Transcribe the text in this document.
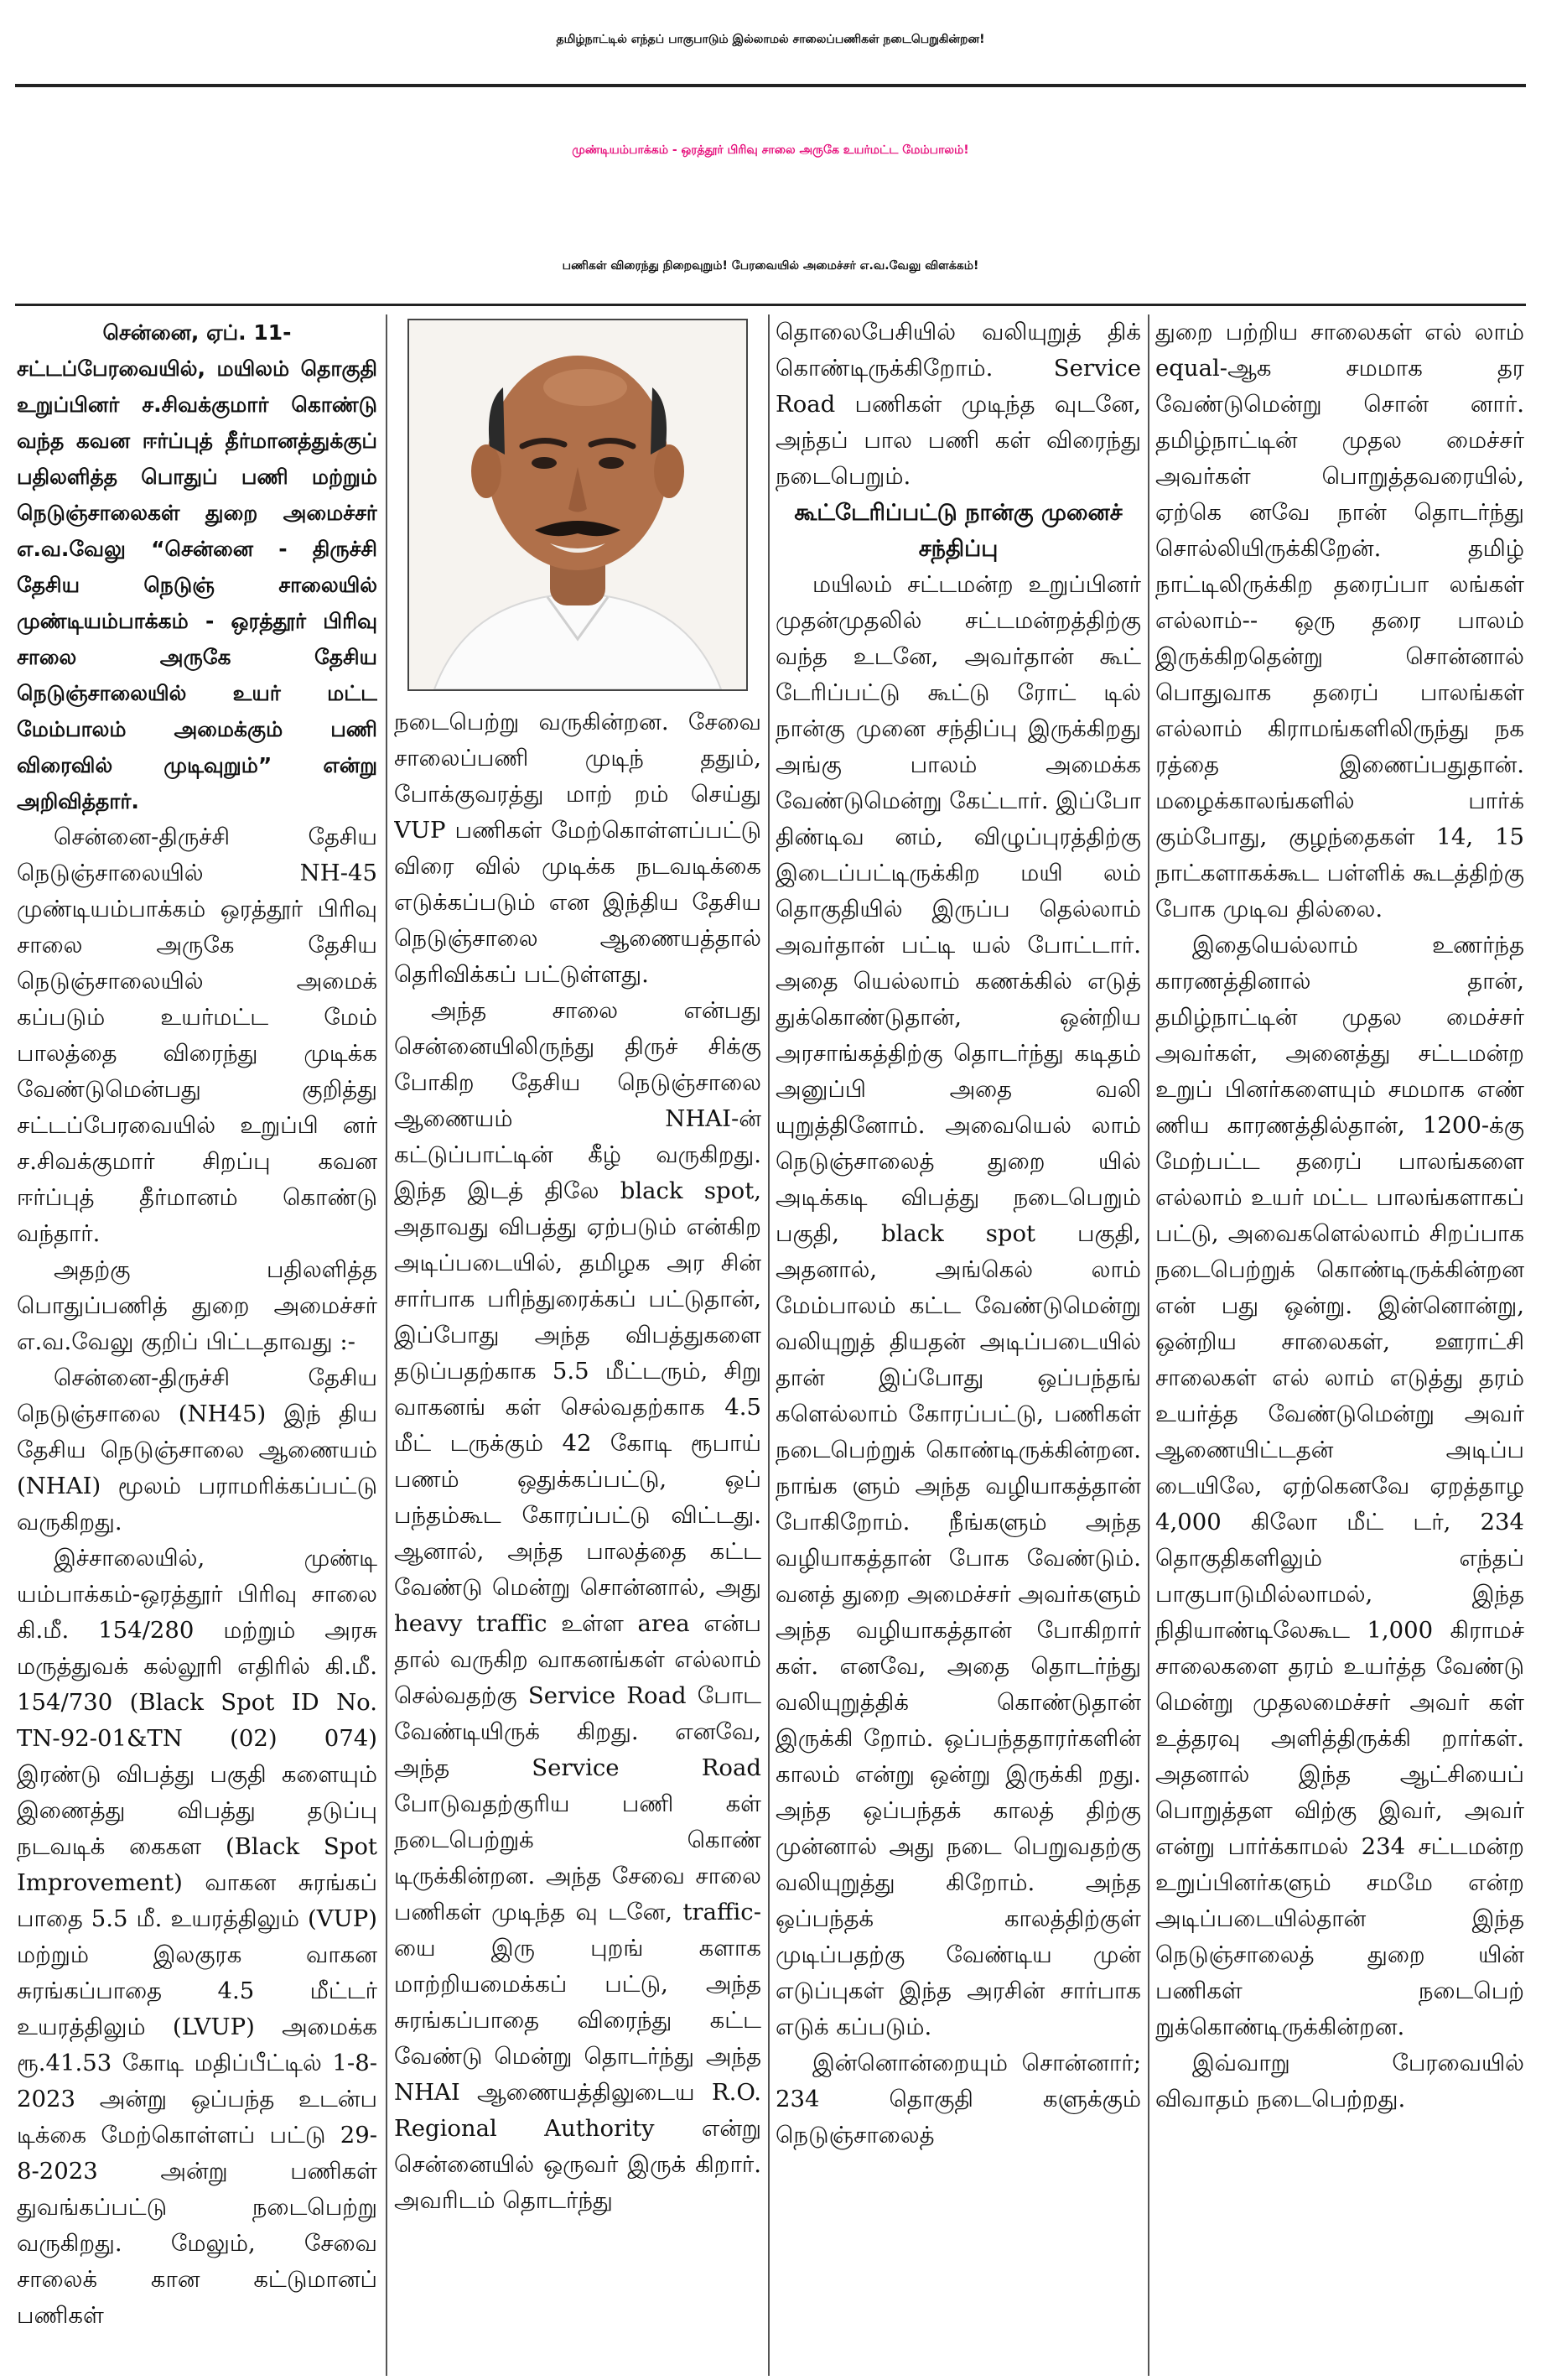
தமிழ்நாட்டில் எந்தப் பாகுபாடும் இல்லாமல் சாலைப்பணிகள் நடைபெறுகின்றன!
முண்டியம்பாக்கம் - ஒரத்தூர் பிரிவு சாலை அருகே உயர்மட்ட மேம்பாலம்!
பணிகள் விரைந்து நிறைவுறும்! பேரவையில் அமைச்சர் எ.வ.வேலு விளக்கம்!

சென்னை, ஏப். 11-

சட்டப்பேரவையில், மயிலம் தொகுதி உறுப்பினர் ச.சிவக்குமார் கொண்டு வந்த கவன ஈர்ப்புத் தீர்மானத்துக்குப் பதிலளித்த பொதுப் பணி மற்றும் நெடுஞ்சாலைகள் துறை அமைச்சர் எ.வ.வேலு “சென்னை - திருச்சி தேசிய நெடுஞ் சாலையில் முண்டியம்பாக்கம் - ஒரத்தூர் பிரிவு சாலை அருகே தேசிய நெடுஞ்சாலையில் உயர் மட்ட மேம்பாலம் அமைக்கும் பணி விரைவில் முடிவுறும்” என்று அறிவித்தார்.

சென்னை-திருச்சி தேசிய நெடுஞ்சாலையில் NH-45 முண்டியம்பாக்கம் ஒரத்தூர் பிரிவு சாலை அருகே தேசிய நெடுஞ்சாலையில் அமைக் கப்படும் உயர்மட்ட மேம் பாலத்தை விரைந்து முடிக்க வேண்டுமென்பது குறித்து சட்டப்பேரவையில் உறுப்பி னர் ச.சிவக்குமார் சிறப்பு கவன ஈர்ப்புத் தீர்மானம் கொண்டு வந்தார்.

அதற்கு பதிலளித்த பொதுப்பணித் துறை அமைச்சர் எ.வ.வேலு குறிப் பிட்டதாவது :-

சென்னை-திருச்சி தேசிய நெடுஞ்சாலை (NH45) இந் திய தேசிய நெடுஞ்சாலை ஆணையம் (NHAI) மூலம் பராமரிக்கப்பட்டு வருகிறது.

இச்சாலையில், முண்டி யம்பாக்கம்-ஒரத்தூர் பிரிவு சாலை கி.மீ. 154/280 மற்றும் அரசு மருத்துவக் கல்லூரி எதிரில் கி.மீ. 154/730 (Black Spot ID No. TN-92-01&TN (02) 074) இரண்டு விபத்து பகுதி களையும் இணைத்து விபத்து தடுப்பு நடவடிக் கைகள (Black Spot Improvement) வாகன சுரங்கப் பாதை 5.5 மீ. உயரத்திலும் (VUP) மற்றும் இலகுரக வாகன சுரங்கப்பாதை 4.5 மீட்டர் உயரத்திலும் (LVUP) அமைக்க ரூ.41.53 கோடி மதிப்பீட்டில் 1-8-2023 அன்று ஒப்பந்த உடன்ப டிக்கை மேற்கொள்ளப் பட்டு 29-8-2023 அன்று பணிகள் துவங்கப்பட்டு நடைபெற்று வருகிறது. மேலும், சேவை சாலைக் கான கட்டுமானப் பணிகள்

நடைபெற்று வருகின்றன. சேவை சாலைப்பணி முடிந் ததும், போக்குவரத்து மாற் றம் செய்து VUP பணிகள் மேற்கொள்ளப்பட்டு விரை வில் முடிக்க நடவடிக்கை எடுக்கப்படும் என இந்திய தேசிய நெடுஞ்சாலை ஆணையத்தால் தெரிவிக்கப் பட்டுள்ளது.

அந்த சாலை என்பது சென்னையிலிருந்து திருச் சிக்கு போகிற தேசிய நெடுஞ்சாலை ஆணையம் NHAI-ன் கட்டுப்பாட்டின் கீழ் வருகிறது. இந்த இடத் திலே black spot, அதாவது விபத்து ஏற்படும் என்கிற அடிப்படையில், தமிழக அர சின் சார்பாக பரிந்துரைக்கப் பட்டுதான், இப்போது அந்த விபத்துகளை தடுப்பதற்காக 5.5 மீட்டரும், சிறு வாகனங் கள் செல்வதற்காக 4.5 மீட் டருக்கும் 42 கோடி ரூபாய் பணம் ஒதுக்கப்பட்டு, ஒப் பந்தம்கூட கோரப்பட்டு விட்டது. ஆனால், அந்த பாலத்தை கட்ட வேண்டு மென்று சொன்னால், அது heavy traffic உள்ள area என்ப தால் வருகிற வாகனங்கள் எல்லாம் செல்வதற்கு Service Road போட வேண்டியிருக் கிறது. எனவே, அந்த Service Road போடுவதற்குரிய பணி கள் நடைபெற்றுக் கொண் டிருக்கின்றன. அந்த சேவை சாலை பணிகள் முடிந்த வு டனே, traffic-யை இரு புறங் களாக மாற்றியமைக்கப் பட்டு, அந்த சுரங்கப்பாதை விரைந்து கட்ட வேண்டு மென்று தொடர்ந்து அந்த NHAI ஆணையத்திலுடைய R.O. Regional Authority என்று சென்னையில் ஒருவர் இருக் கிறார். அவரிடம் தொடர்ந்து

தொலைபேசியில் வலியுறுத் திக் கொண்டிருக்கிறோம். Service Road பணிகள் முடிந்த வுடனே, அந்தப் பால பணி கள் விரைந்து நடைபெறும்.

கூட்டேரிப்பட்டு நான்கு முனைச் சந்திப்பு

மயிலம் சட்டமன்ற உறுப்பினர் முதன்முதலில் சட்டமன்றத்திற்கு வந்த உடனே, அவர்தான் கூட் டேரிப்பட்டு கூட்டு ரோட் டில் நான்கு முனை சந்திப்பு இருக்கிறது அங்கு பாலம் அமைக்க வேண்டுமென்று கேட்டார். இப்போ திண்டிவ னம், விழுப்புரத்திற்கு இடைப்பட்டிருக்கிற மயி லம் தொகுதியில் இருப்ப தெல்லாம் அவர்தான் பட்டி யல் போட்டார். அதை யெல்லாம் கணக்கில் எடுத் துக்கொண்டுதான், ஒன்றிய அரசாங்கத்திற்கு தொடர்ந்து கடிதம் அனுப்பி அதை வலி யுறுத்தினோம். அவையெல் லாம் நெடுஞ்சாலைத் துறை யில் அடிக்கடி விபத்து நடைபெறும் பகுதி, black spot பகுதி, அதனால், அங்கெல் லாம் மேம்பாலம் கட்ட வேண்டுமென்று வலியுறுத் தியதன் அடிப்படையில் தான் இப்போது ஒப்பந்தங் களெல்லாம் கோரப்பட்டு, பணிகள் நடைபெற்றுக் கொண்டிருக்கின்றன. நாங்க ளும் அந்த வழியாகத்தான் போகிறோம். நீங்களும் அந்த வழியாகத்தான் போக வேண்டும். வனத் துறை அமைச்சர் அவர்களும் அந்த வழியாகத்தான் போகிறார் கள். எனவே, அதை தொடர்ந்து வலியுறுத்திக் கொண்டுதான் இருக்கி றோம். ஒப்பந்ததாரர்களின் காலம் என்று ஒன்று இருக்கி றது. அந்த ஒப்பந்தக் காலத் திற்கு முன்னால் அது நடை பெறுவதற்கு வலியுறுத்து கிறோம். அந்த ஒப்பந்தக் காலத்திற்குள் முடிப்பதற்கு வேண்டிய முன் எடுப்புகள் இந்த அரசின் சார்பாக எடுக் கப்படும்.

இன்னொன்றையும் சொன்னார்; 234 தொகுதி களுக்கும் நெடுஞ்சாலைத்

துறை பற்றிய சாலைகள் எல் லாம் equal-ஆக சமமாக தர வேண்டுமென்று சொன் னார். தமிழ்நாட்டின் முதல மைச்சர் அவர்கள் பொறுத்தவரையில், ஏற்கெ னவே நான் தொடர்ந்து சொல்லியிருக்கிறேன். தமிழ் நாட்டிலிருக்கிற தரைப்பா லங்கள் எல்லாம்-- ஒரு தரை பாலம் இருக்கிறதென்று சொன்னால் பொதுவாக தரைப் பாலங்கள் எல்லாம் கிராமங்களிலிருந்து நக ரத்தை இணைப்பதுதான். மழைக்காலங்களில் பார்க் கும்போது, குழந்தைகள் 14, 15 நாட்களாகக்கூட பள்ளிக் கூடத்திற்கு போக முடிவ தில்லை.

இதையெல்லாம் உணர்ந்த காரணத்தினால் தான், தமிழ்நாட்டின் முதல மைச்சர் அவர்கள், அனைத்து சட்டமன்ற உறுப் பினர்களையும் சமமாக எண் ணிய காரணத்தில்தான், 1200-க்கு மேற்பட்ட தரைப் பாலங்களை எல்லாம் உயர் மட்ட பாலங்களாகப் பட்டு, அவைகளெல்லாம் சிறப்பாக நடைபெற்றுக் கொண்டிருக்கின்றன என் பது ஒன்று. இன்னொன்று, ஒன்றிய சாலைகள், ஊராட்சி சாலைகள் எல் லாம் எடுத்து தரம் உயர்த்த வேண்டுமென்று அவர் ஆணையிட்டதன் அடிப்ப டையிலே, ஏற்கெனவே ஏறத்தாழ 4,000 கிலோ மீட் டர், 234 தொகுதிகளிலும் எந்தப் பாகுபாடுமில்லாமல், இந்த நிதியாண்டிலேகூட 1,000 கிராமச் சாலைகளை தரம் உயர்த்த வேண்டு மென்று முதலமைச்சர் அவர் கள் உத்தரவு அளித்திருக்கி றார்கள். அதனால் இந்த ஆட்சியைப் பொறுத்தள விற்கு இவர், அவர் என்று பார்க்காமல் 234 சட்டமன்ற உறுப்பினர்களும் சமமே என்ற அடிப்படையில்தான் இந்த நெடுஞ்சாலைத் துறை யின் பணிகள் நடைபெற் றுக்கொண்டிருக்கின்றன.

இவ்வாறு பேரவையில் விவாதம் நடைபெற்றது.
